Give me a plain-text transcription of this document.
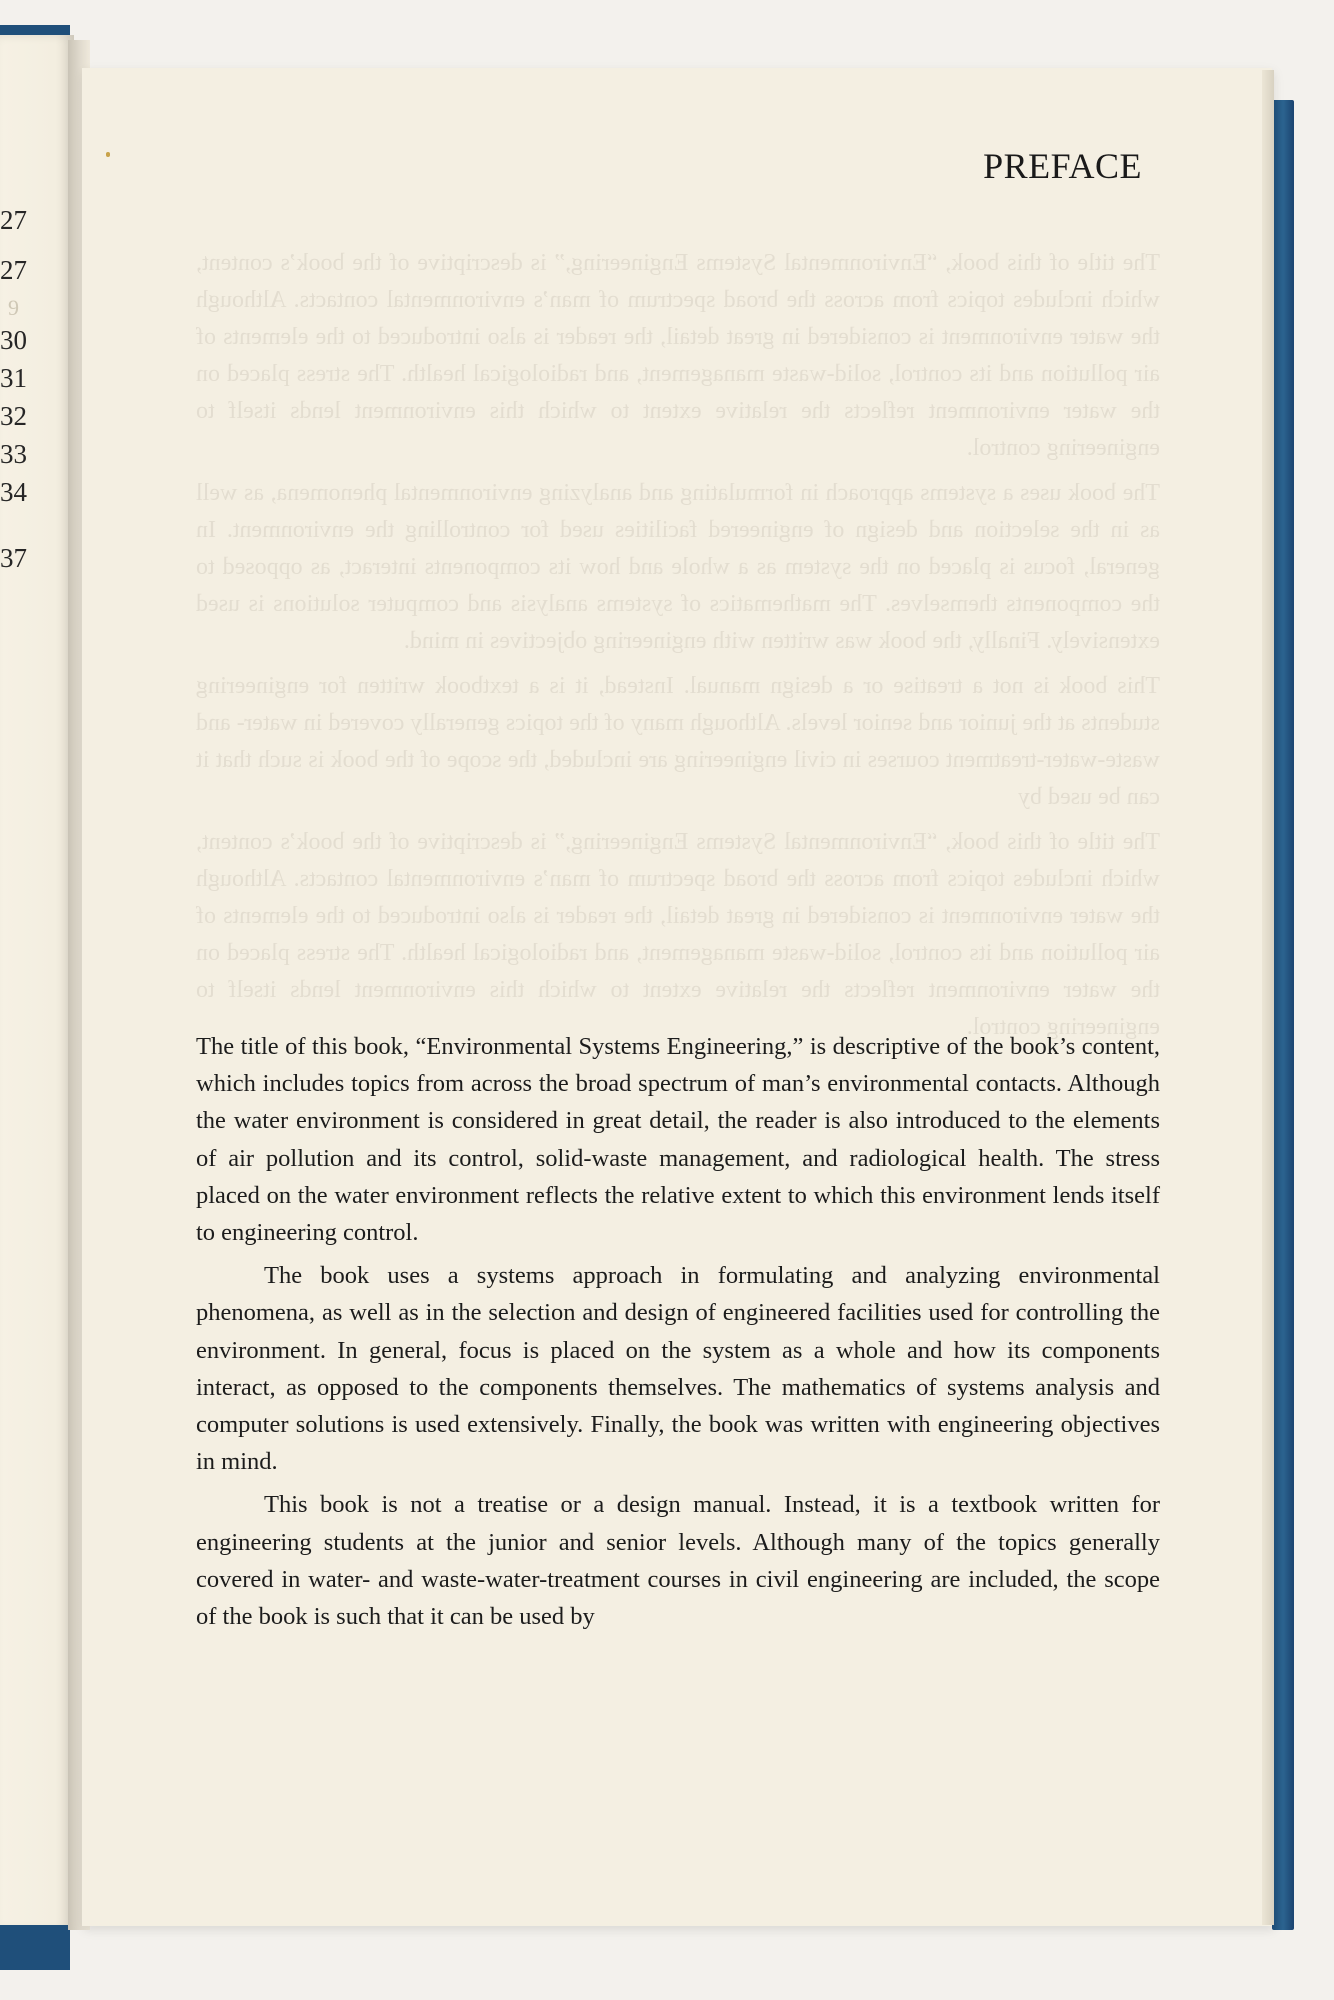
27
27
9
30
31
32
33
34
37
PREFACE

The title of this book, “Environmental Systems Engineering,” is descriptive of the book’s content, which includes topics from across the broad spectrum of man’s environmental contacts. Although the water environment is considered in great detail, the reader is also introduced to the elements of air pollution and its control, solid-waste management, and radiological health. The stress placed on the water environment reflects the relative extent to which this environment lends itself to engineering control.

The book uses a systems approach in formulating and analyzing environmental phenomena, as well as in the selection and design of engineered facilities used for controlling the environment. In general, focus is placed on the system as a whole and how its components interact, as opposed to the components themselves. The mathematics of systems analysis and computer solutions is used extensively. Finally, the book was written with engineering objectives in mind.

This book is not a treatise or a design manual. Instead, it is a textbook written for engineering students at the junior and senior levels. Although many of the topics generally covered in water- and waste-water-treatment courses in civil engineering are included, the scope of the book is such that it can be used by

The title of this book, “Environmental Systems Engineering,” is descriptive of the book’s content, which includes topics from across the broad spectrum of man’s environmental contacts. Although the water environment is considered in great detail, the reader is also introduced to the elements of air pollution and its control, solid-waste management, and radiological health. The stress placed on the water environment reflects the relative extent to which this environment lends itself to engineering control.

The title of this book, “Environmental Systems Engineering,” is descriptive of the book’s content, which includes topics from across the broad spectrum of man’s environmental contacts. Although the water environment is considered in great detail, the reader is also introduced to the elements of air pollution and its control, solid-waste management, and radiological health. The stress placed on the water environment reflects the relative extent to which this environment lends itself to engineering control.

The book uses a systems approach in formulating and analyzing environmental phenomena, as well as in the selection and design of engineered facilities used for controlling the environment. In general, focus is placed on the system as a whole and how its components interact, as opposed to the components themselves. The mathematics of systems analysis and computer solutions is used extensively. Finally, the book was written with engineering objectives in mind.

This book is not a treatise or a design manual. Instead, it is a textbook written for engineering students at the junior and senior levels. Although many of the topics generally covered in water- and waste-water-treatment courses in civil engineering are included, the scope of the book is such that it can be used by
